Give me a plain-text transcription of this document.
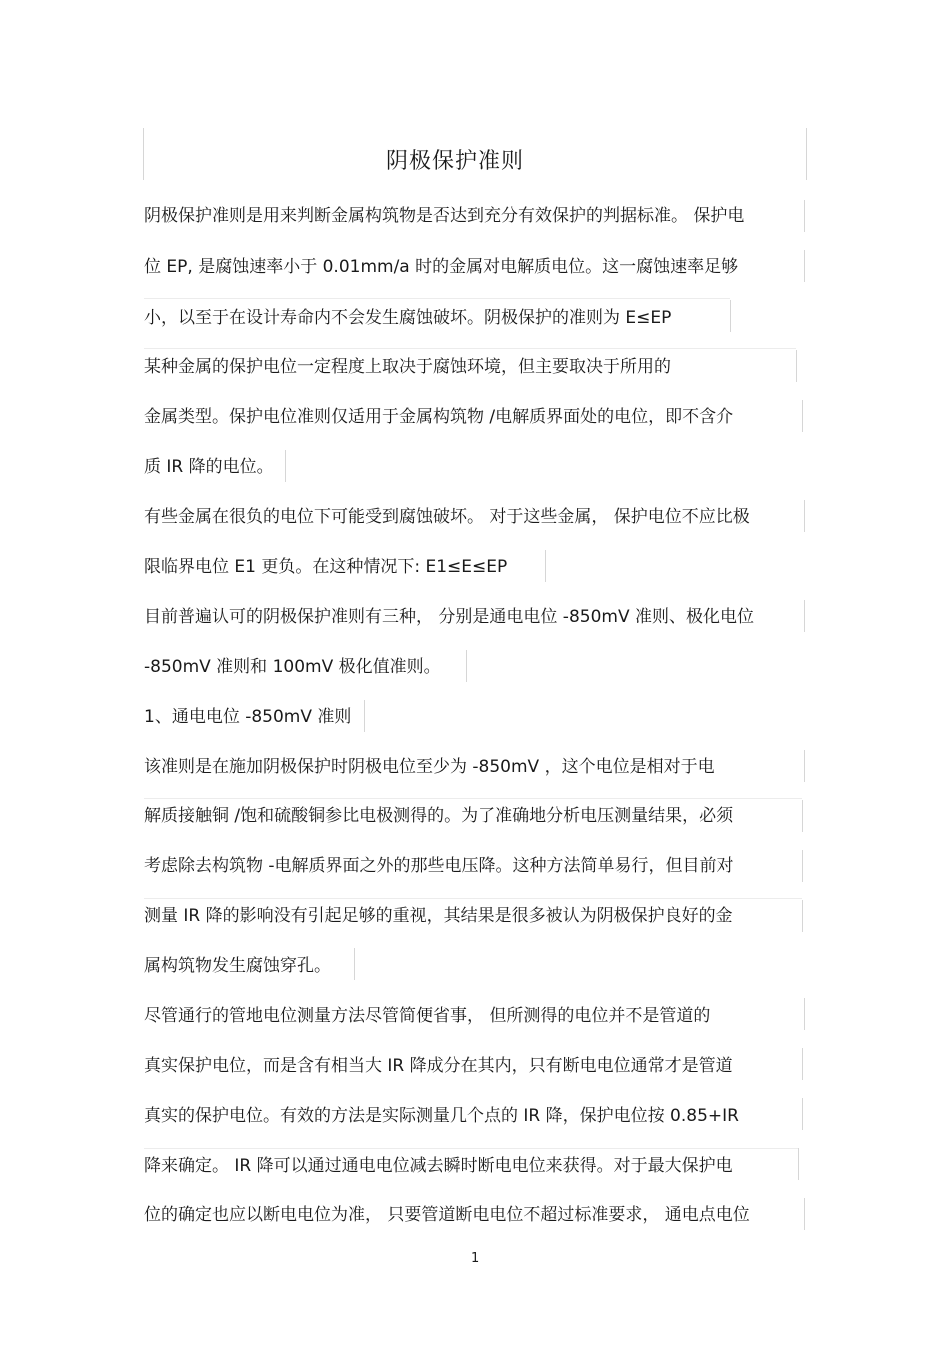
阴极保护准则
阴极保护准则是用来判断金属构筑物是否达到充分有效保护的判据标准。 保护电
位 EP, 是腐蚀速率小于 0.01mm/a 时的金属对电解质电位。这一腐蚀速率足够
小，以至于在设计寿命内不会发生腐蚀破坏。阴极保护的准则为 E≤EP
某种金属的保护电位一定程度上取决于腐蚀环境，但主要取决于所用的
金属类型。保护电位准则仅适用于金属构筑物 /电解质界面处的电位，即不含介
质 IR 降的电位。
有些金属在很负的电位下可能受到腐蚀破坏。 对于这些金属， 保护电位不应比极
限临界电位 E1 更负。在这种情况下: E1≤E≤EP
目前普遍认可的阴极保护准则有三种， 分别是通电电位 -850mV 准则、极化电位
-850mV 准则和 100mV 极化值准则。
1、通电电位 -850mV 准则
该准则是在施加阴极保护时阴极电位至少为 -850mV ，这个电位是相对于电
解质接触铜 /饱和硫酸铜参比电极测得的。为了准确地分析电压测量结果，必须
考虑除去构筑物 -电解质界面之外的那些电压降。这种方法简单易行，但目前对
测量 IR 降的影响没有引起足够的重视，其结果是很多被认为阴极保护良好的金
属构筑物发生腐蚀穿孔。
尽管通行的管地电位测量方法尽管简便省事， 但所测得的电位并不是管道的
真实保护电位，而是含有相当大 IR 降成分在其内，只有断电电位通常才是管道
真实的保护电位。有效的方法是实际测量几个点的 IR 降，保护电位按 0.85+IR
降来确定。 IR 降可以通过通电电位减去瞬时断电电位来获得。对于最大保护电
位的确定也应以断电电位为准， 只要管道断电电位不超过标准要求， 通电点电位
1
